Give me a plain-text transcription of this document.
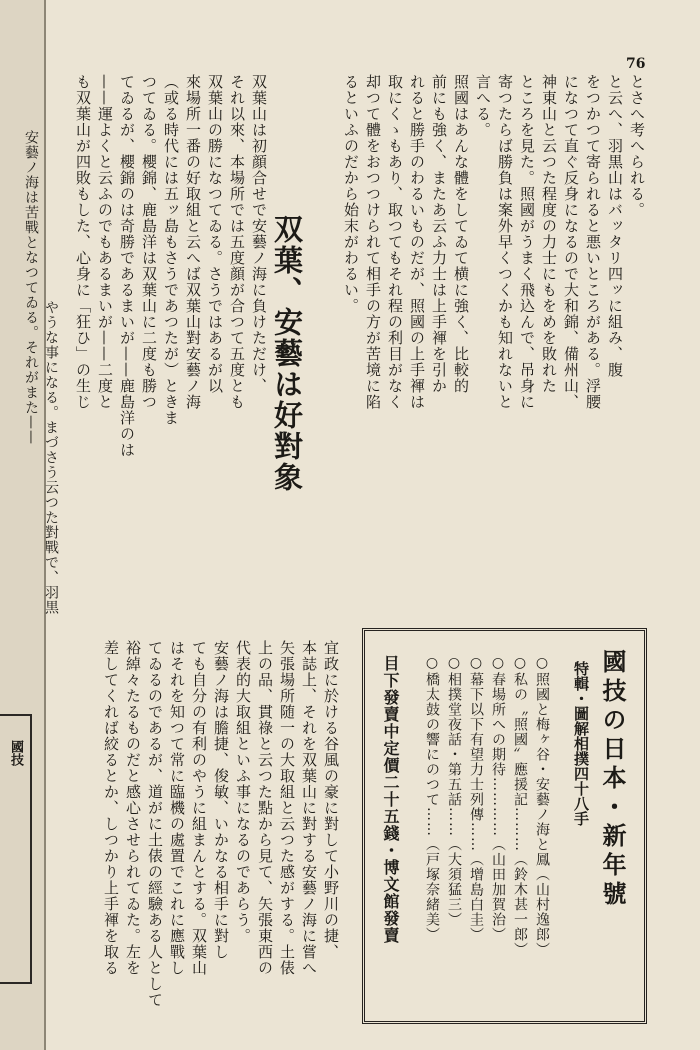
安藝ノ海は苦戰となつてゐる。それがまた——
やうな事になる。まづさう云つた對戰で、羽黒
國技
76
とさへ考へられる。
と云へ、羽黒山はバッタリ四ッに組み、腹
をつかつて寄られると悪いところがある。浮腰
になつて直ぐ反身になるので大和錦、備州山、
神東山と云つた程度の力士にもをめを敗れた
ところを見た。照國がうまく飛込んで、吊身に
寄つたらば勝負は案外早くつくかも知れないと
言へる。
照國はあんな體をしてゐて横に強く、比較的
前にも強く、またあ云ふ力士は上手褌を引か
れると勝手のわるいものだが、照國の上手褌は
取にくゝもあり、取つてもそれ程の利目がなく
却つて體をおつつけられて相手の方が苦境に陷
るといふのだから始末がわるい。
双葉、安藝は好對象
双葉山は初顔合せで安藝ノ海に負けただけ、
それ以來、本場所では五度顔が合つて五度とも
双葉山の勝になつてゐる。さうではあるが以
來場所一番の好取組と云へば双葉山對安藝ノ海
（或る時代には五ッ島もさうであつたが）ときま
つてゐる。櫻錦、鹿島洋は双葉山に二度も勝つ
てゐるが、櫻錦のは奇勝であるまいが——鹿島洋のは
——運よくと云ふのでもあるまいが——二度と
も双葉山が四敗もした、心身に「狂ひ」の生じ
宜政に於ける谷風の豪に對して小野川の捷、
本誌上、それを双葉山に對する安藝ノ海に嘗へ
矢張場所随一の大取組と云つた感がする。土俵
上の品、貫祿と云つた點から見て、矢張東西の
代表的大取組といふ事になるのであらう。
安藝ノ海は膽捷、俊敏、いかなる相手に對し
ても自分の有利のやうに組まんとする。双葉山
はそれを知つて常に臨機の處置でこれに應戰し
てゐるのであるが、道がに土俵の經驗ある人として
裕綽々たるものだと感心させられてゐた。左を
差してくれば絞るとか、しつかり上手褌を取る	國技の日本・新年號
特輯・圖解相撲四十八手
○照國と梅ヶ谷・安藝ノ海と鳳（山村逸郎）
○私の〝照國〟應援記………（鈴木甚一郎）
○春場所への期待…………（山田加賀治）
○幕下以下有望力士列傳……（增島白圭）
○相撲堂夜話・第五話……（大須猛三）
○橋太鼓の響にのつて……（戸塚奈緒美）
目下發賣中定價二十五錢・博文館發賣
